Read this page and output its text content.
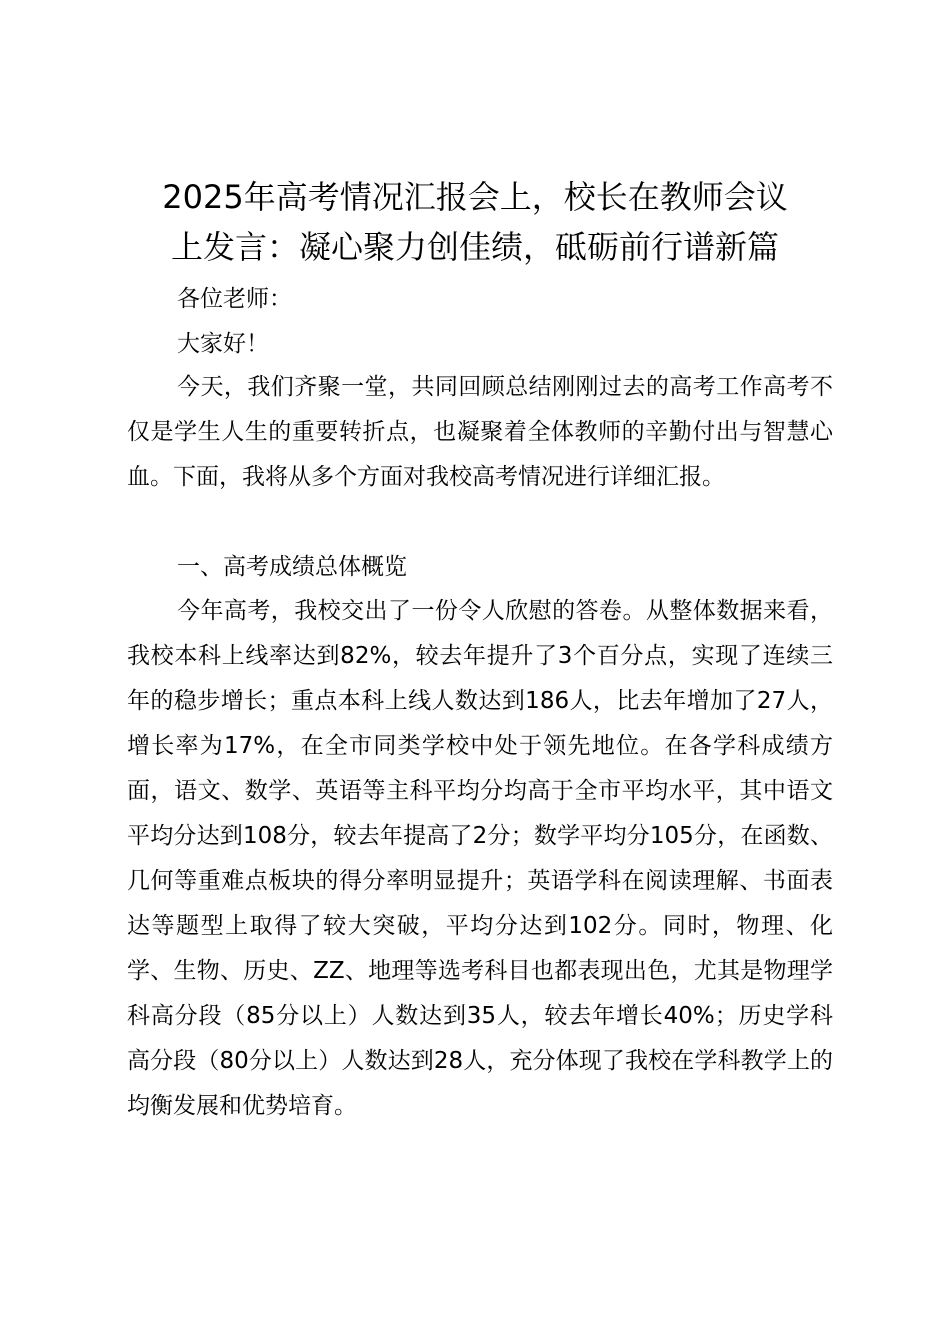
2025年高考情况汇报会上，校长在教师会议
上发言：凝心聚力创佳绩，砥砺前行谱新篇

各位老师：

大家好！

今天，我们齐聚一堂，共同回顾总结刚刚过去的高考工作高考不仅是学生人生的重要转折点，也凝聚着全体教师的辛勤付出与智慧心血。下面，我将从多个方面对我校高考情况进行详细汇报。

一、高考成绩总体概览

今年高考，我校交出了一份令人欣慰的答卷。从整体数据来看，我校本科上线率达到82%，较去年提升了3个百分点，实现了连续三年的稳步增长；重点本科上线人数达到186人，比去年增加了27人，增长率为17%，在全市同类学校中处于领先地位。在各学科成绩方面，语文、数学、英语等主科平均分均高于全市平均水平，其中语文平均分达到108分，较去年提高了2分；数学平均分105分，在函数、几何等重难点板块的得分率明显提升；英语学科在阅读理解、书面表达等题型上取得了较大突破，平均分达到102分。同时，物理、化学、生物、历史、ZZ、地理等选考科目也都表现出色，尤其是物理学科高分段（85分以上）人数达到35人，较去年增长40%；历史学科高分段（80分以上）人数达到28人，充分体现了我校在学科教学上的均衡发展和优势培育。
